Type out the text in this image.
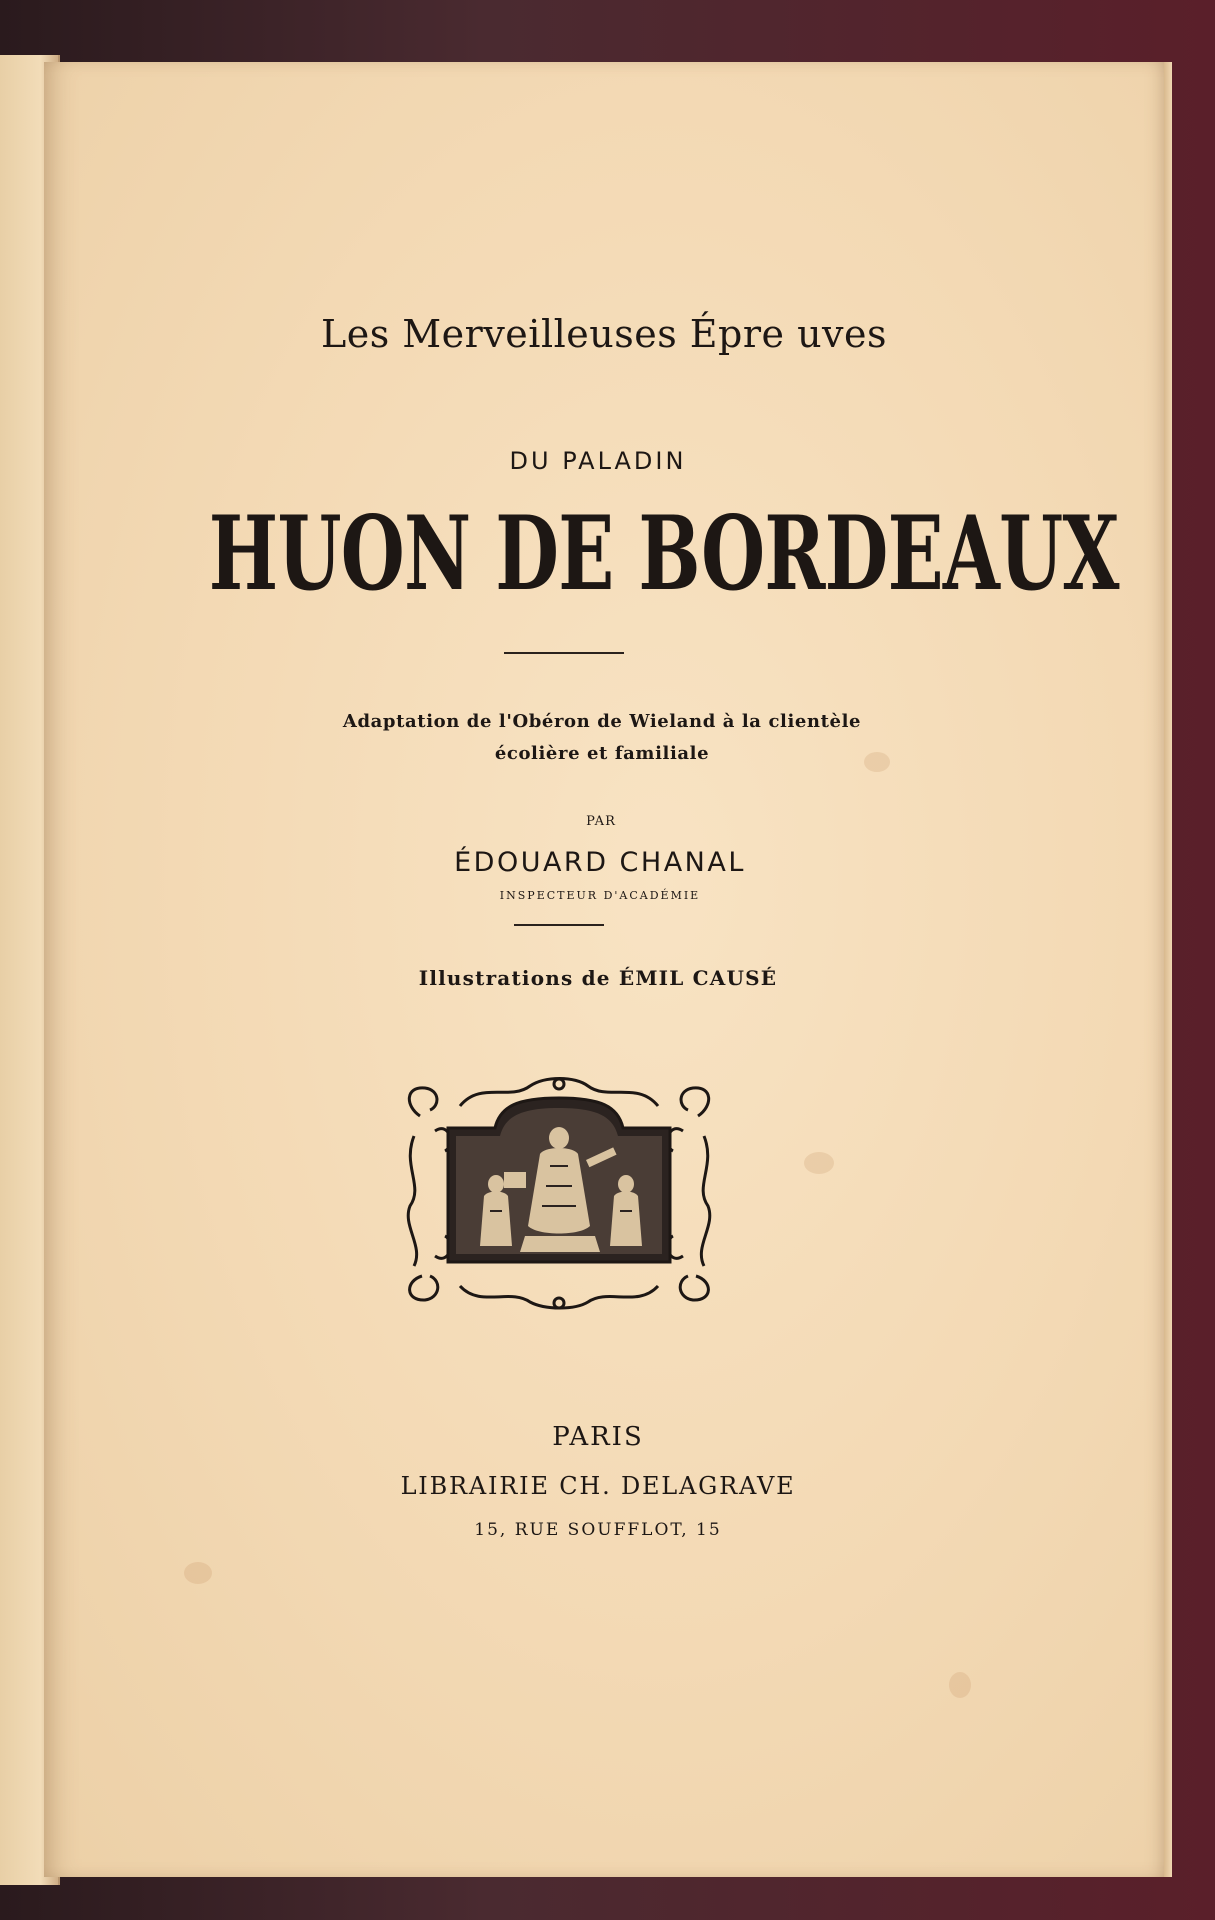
Les Merveilleuses Épre uves

DU PALADIN

HUON DE BORDEAUX

Adaptation de l'Obéron de Wieland à la clientèle
écolière et familiale

PAR

ÉDOUARD CHANAL

INSPECTEUR D'ACADÉMIE

Illustrations de ÉMIL CAUSÉ

PARIS

LIBRAIRIE CH. DELAGRAVE

15, RUE SOUFFLOT, 15
